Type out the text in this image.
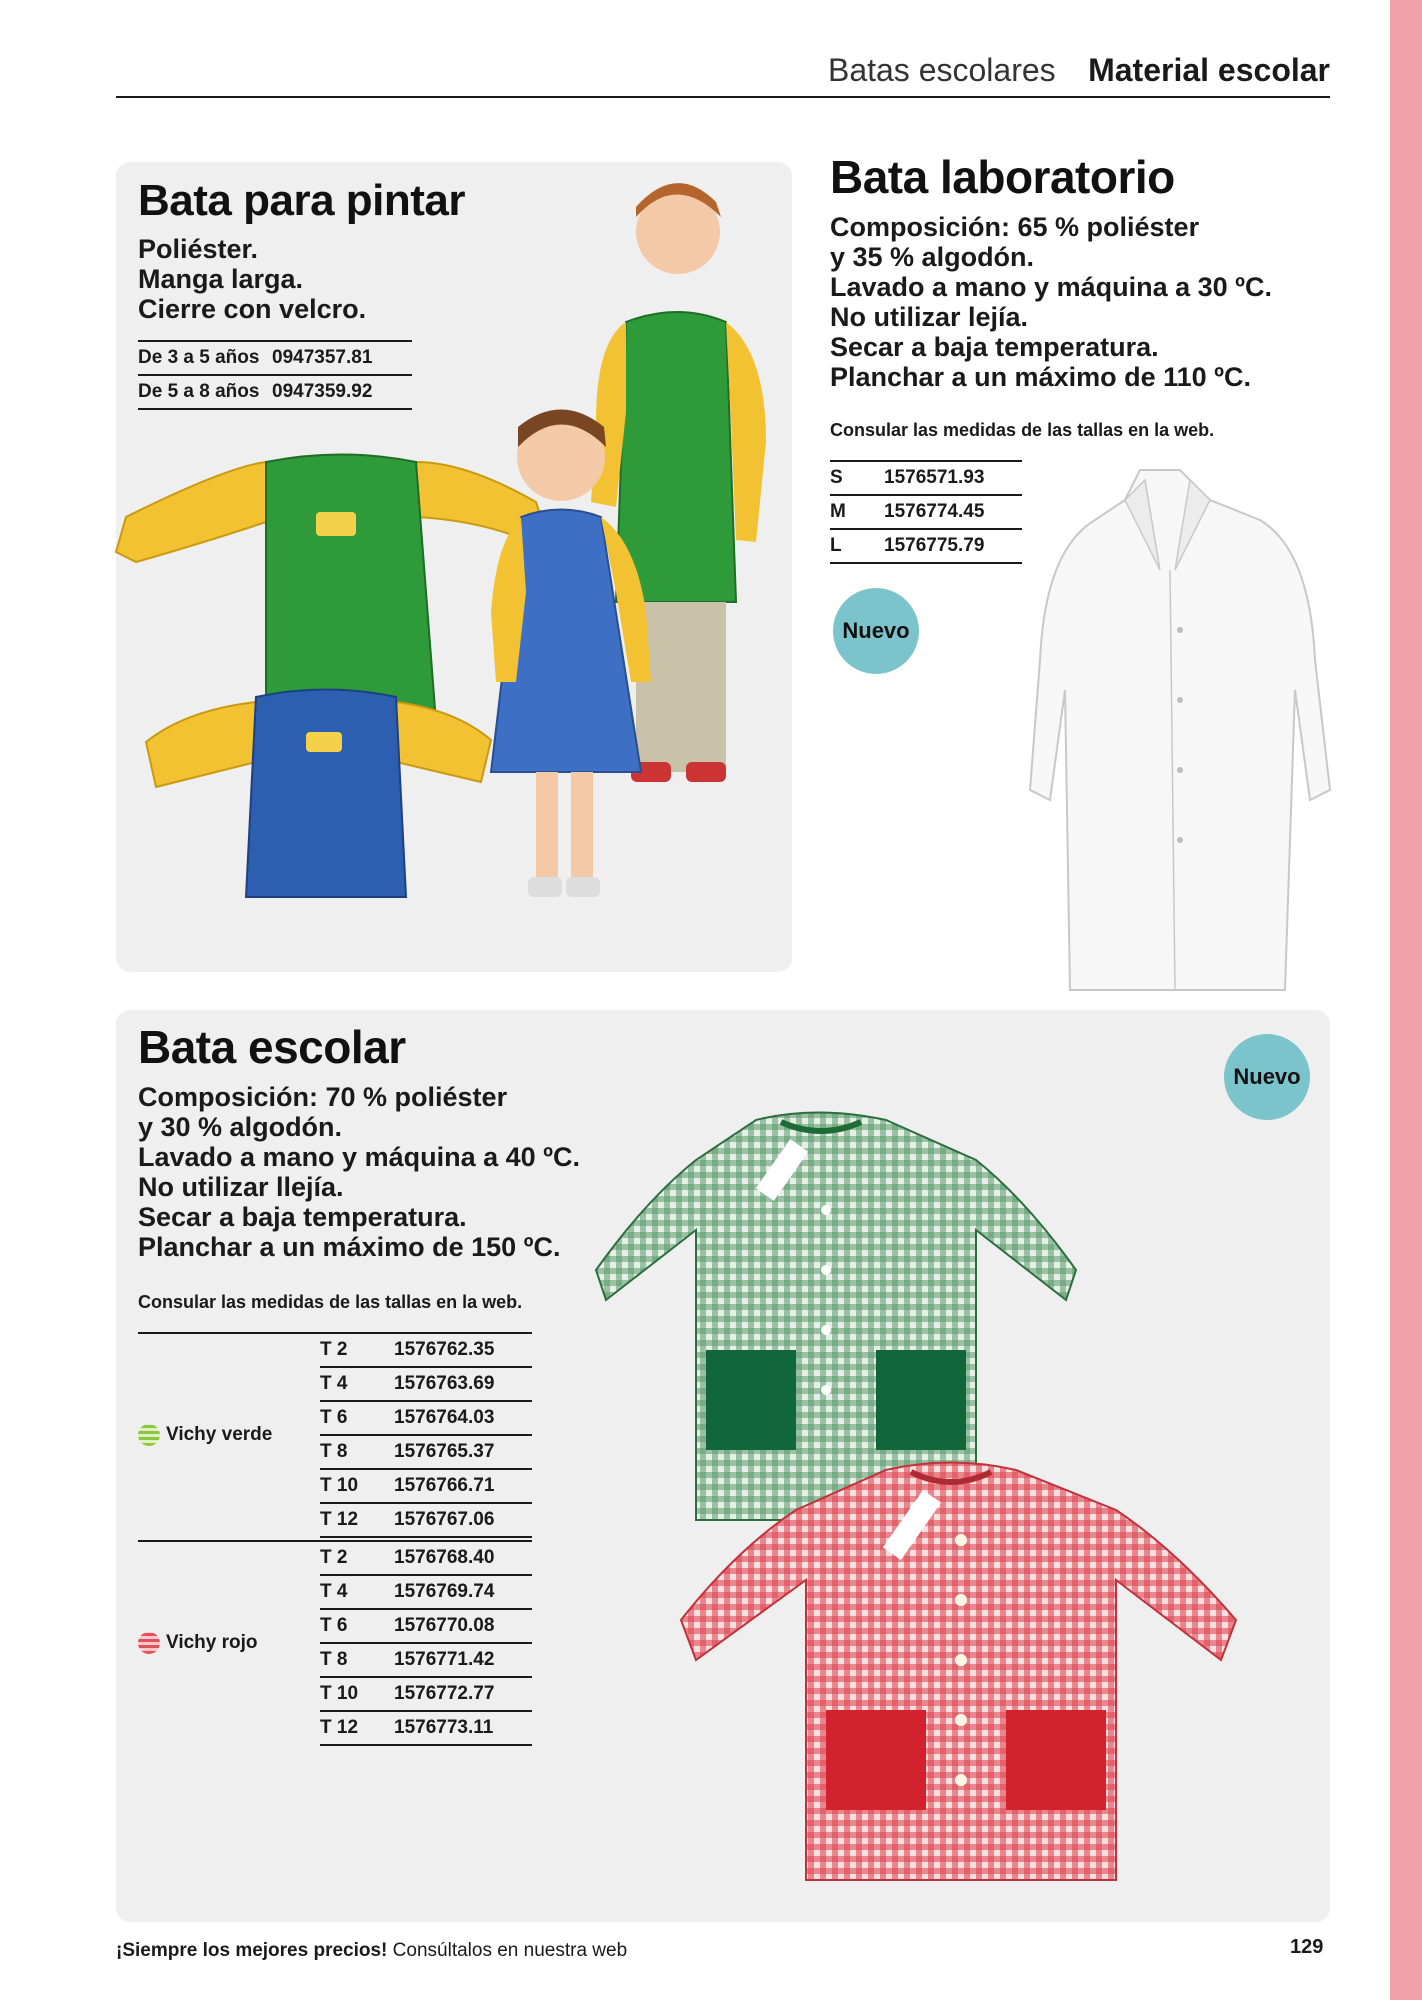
Batas escolares Material escolar
Bata para pintar
Poliéster.
Manga larga.
Cierre con velcro.
De 3 a 5 años	0947357.81
De 5 a 8 años	0947359.92
Bata laboratorio
Composición: 65 % poliéster
y 35 % algodón.
Lavado a mano y máquina a 30 ºC.
No utilizar lejía.
Secar a baja temperatura.
Planchar a un máximo de 110 ºC.
Consular las medidas de las tallas en la web.
S	1576571.93
M	1576774.45
L	1576775.79
Nuevo
Bata escolar
Composición: 70 % poliéster
y 30 % algodón.
Lavado a mano y máquina a 40 ºC.
No utilizar llejía.
Secar a baja temperatura.
Planchar a un máximo de 150 ºC.
Consular las medidas de las tallas en la web.
Nuevo
Vichy verde
T 2	1576762.35
T 4	1576763.69
T 6	1576764.03
T 8	1576765.37
T 10	1576766.71
T 12	1576767.06
Vichy rojo
T 2	1576768.40
T 4	1576769.74
T 6	1576770.08
T 8	1576771.42
T 10	1576772.77
T 12	1576773.11
¡Siempre los mejores precios! Consúltalos en nuestra web	129
